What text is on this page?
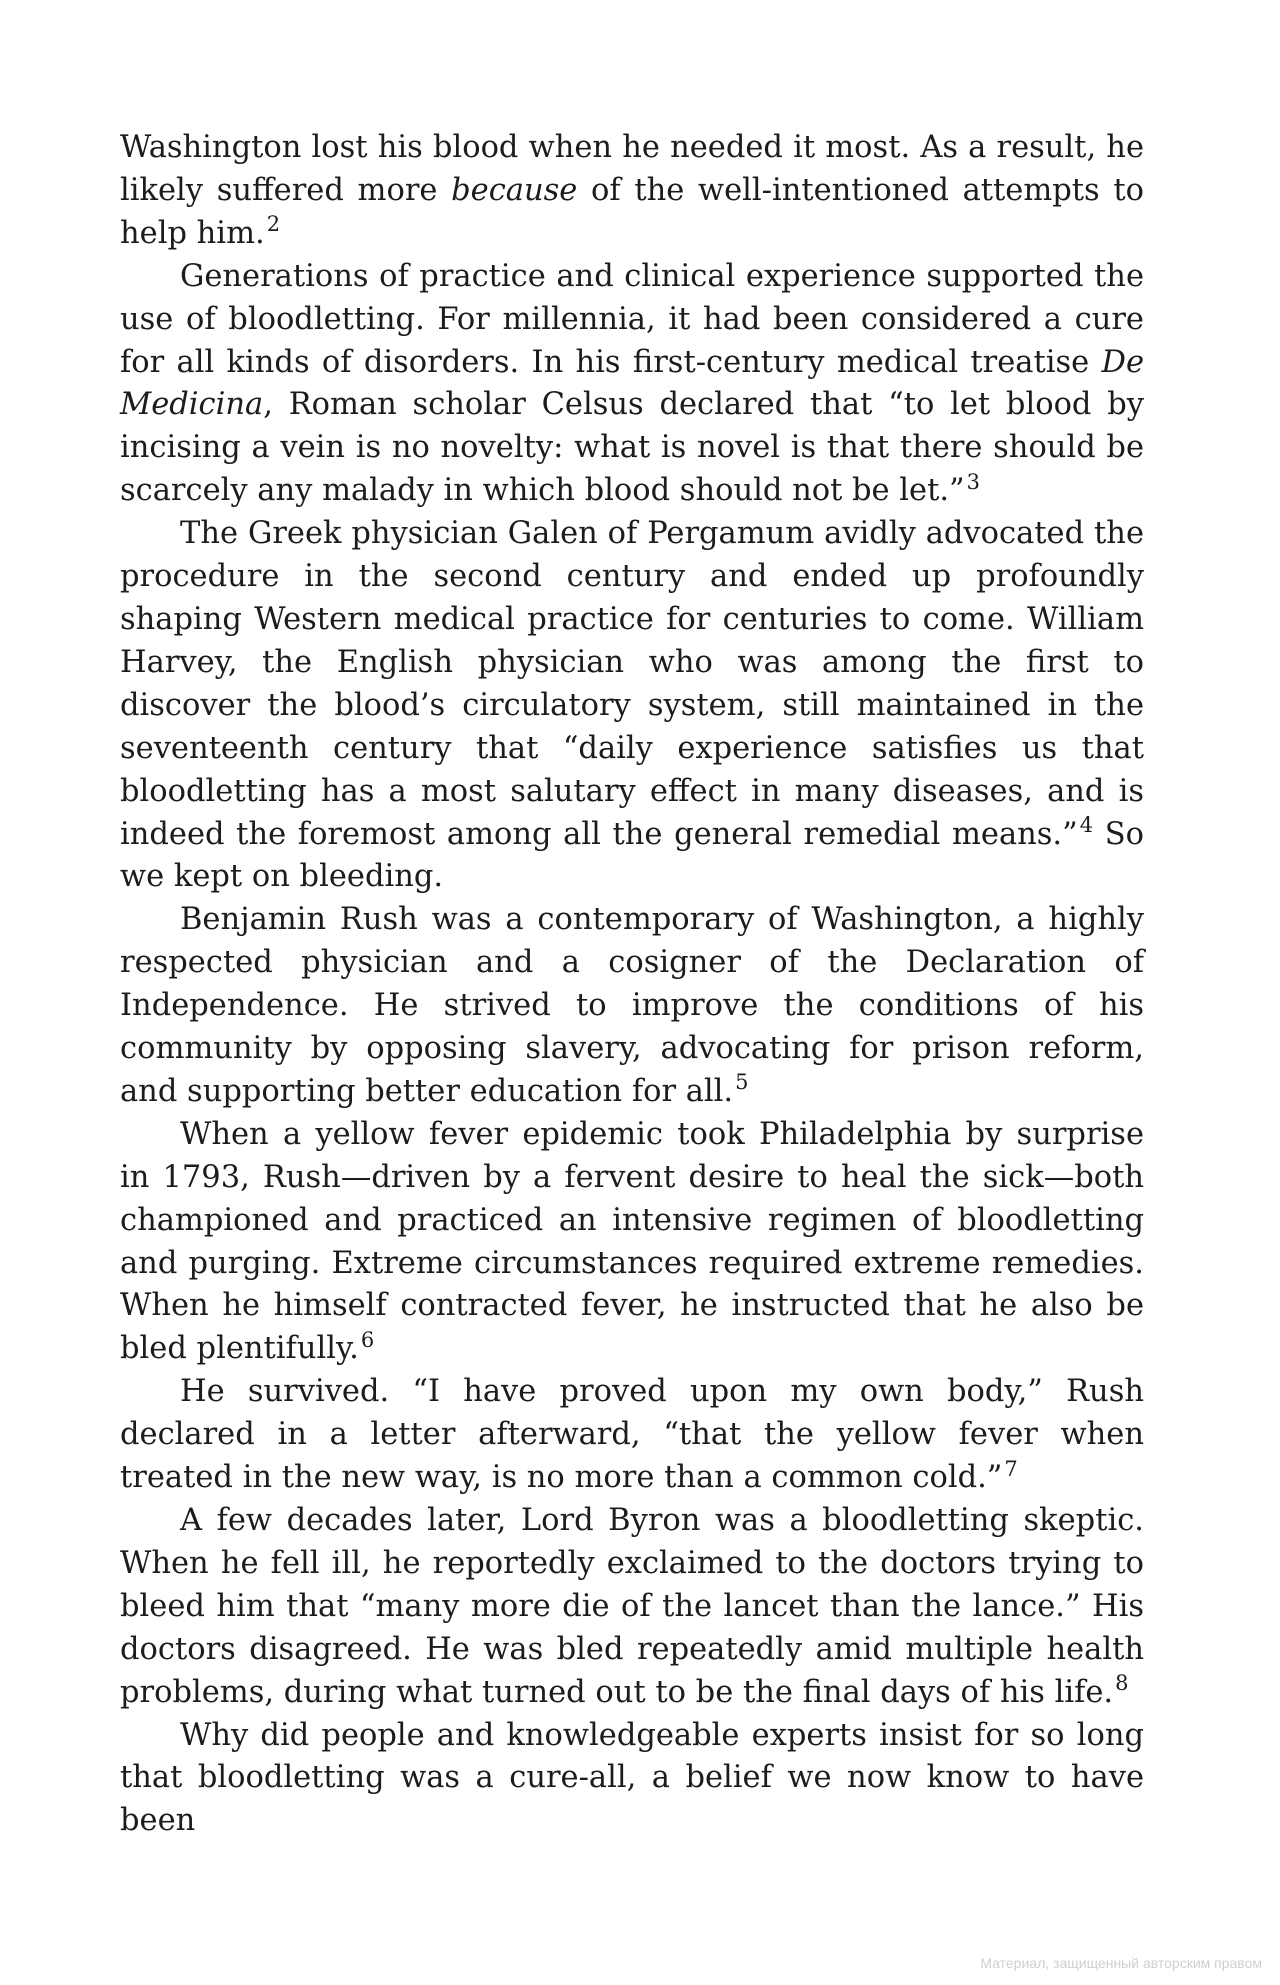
Washington lost his blood when he needed it most. As a result, he likely suffered more because of the well-intentioned attempts to help him.$^2$

Generations of practice and clinical experience supported the use of bloodletting. For millennia, it had been considered a cure for all kinds of disorders. In his first-century medical treatise De Medicina, Roman scholar Celsus declared that “to let blood by incising a vein is no novelty: what is novel is that there should be scarcely any malady in which blood should not be let.”$^3$

The Greek physician Galen of Pergamum avidly advocated the procedure in the second century and ended up profoundly shaping Western medical practice for centuries to come. William Harvey, the English physician who was among the first to discover the blood’s circulatory system, still maintained in the seventeenth century that “daily experience satisfies us that bloodletting has a most salutary effect in many diseases, and is indeed the foremost among all the general remedial means.”$^4$ So we kept on bleeding.

Benjamin Rush was a contemporary of Washington, a highly respected physician and a cosigner of the Declaration of Independence. He strived to improve the conditions of his community by opposing slavery, advocating for prison reform, and supporting better education for all.$^5$

When a yellow fever epidemic took Philadelphia by surprise in 1793, Rush—driven by a fervent desire to heal the sick—both championed and practiced an intensive regimen of bloodletting and purging. Extreme circumstances required extreme remedies. When he himself contracted fever, he instructed that he also be bled plentifully.$^6$

He survived. “I have proved upon my own body,” Rush declared in a letter afterward, “that the yellow fever when treated in the new way, is no more than a common cold.”$^7$

A few decades later, Lord Byron was a bloodletting skeptic. When he fell ill, he reportedly exclaimed to the doctors trying to bleed him that “many more die of the lancet than the lance.” His doctors disagreed. He was bled repeatedly amid multiple health problems, during what turned out to be the final days of his life.$^8$

Why did people and knowledgeable experts insist for so long that bloodletting was a cure-all, a belief we now know to have been

Материал, защищенный авторским правом
